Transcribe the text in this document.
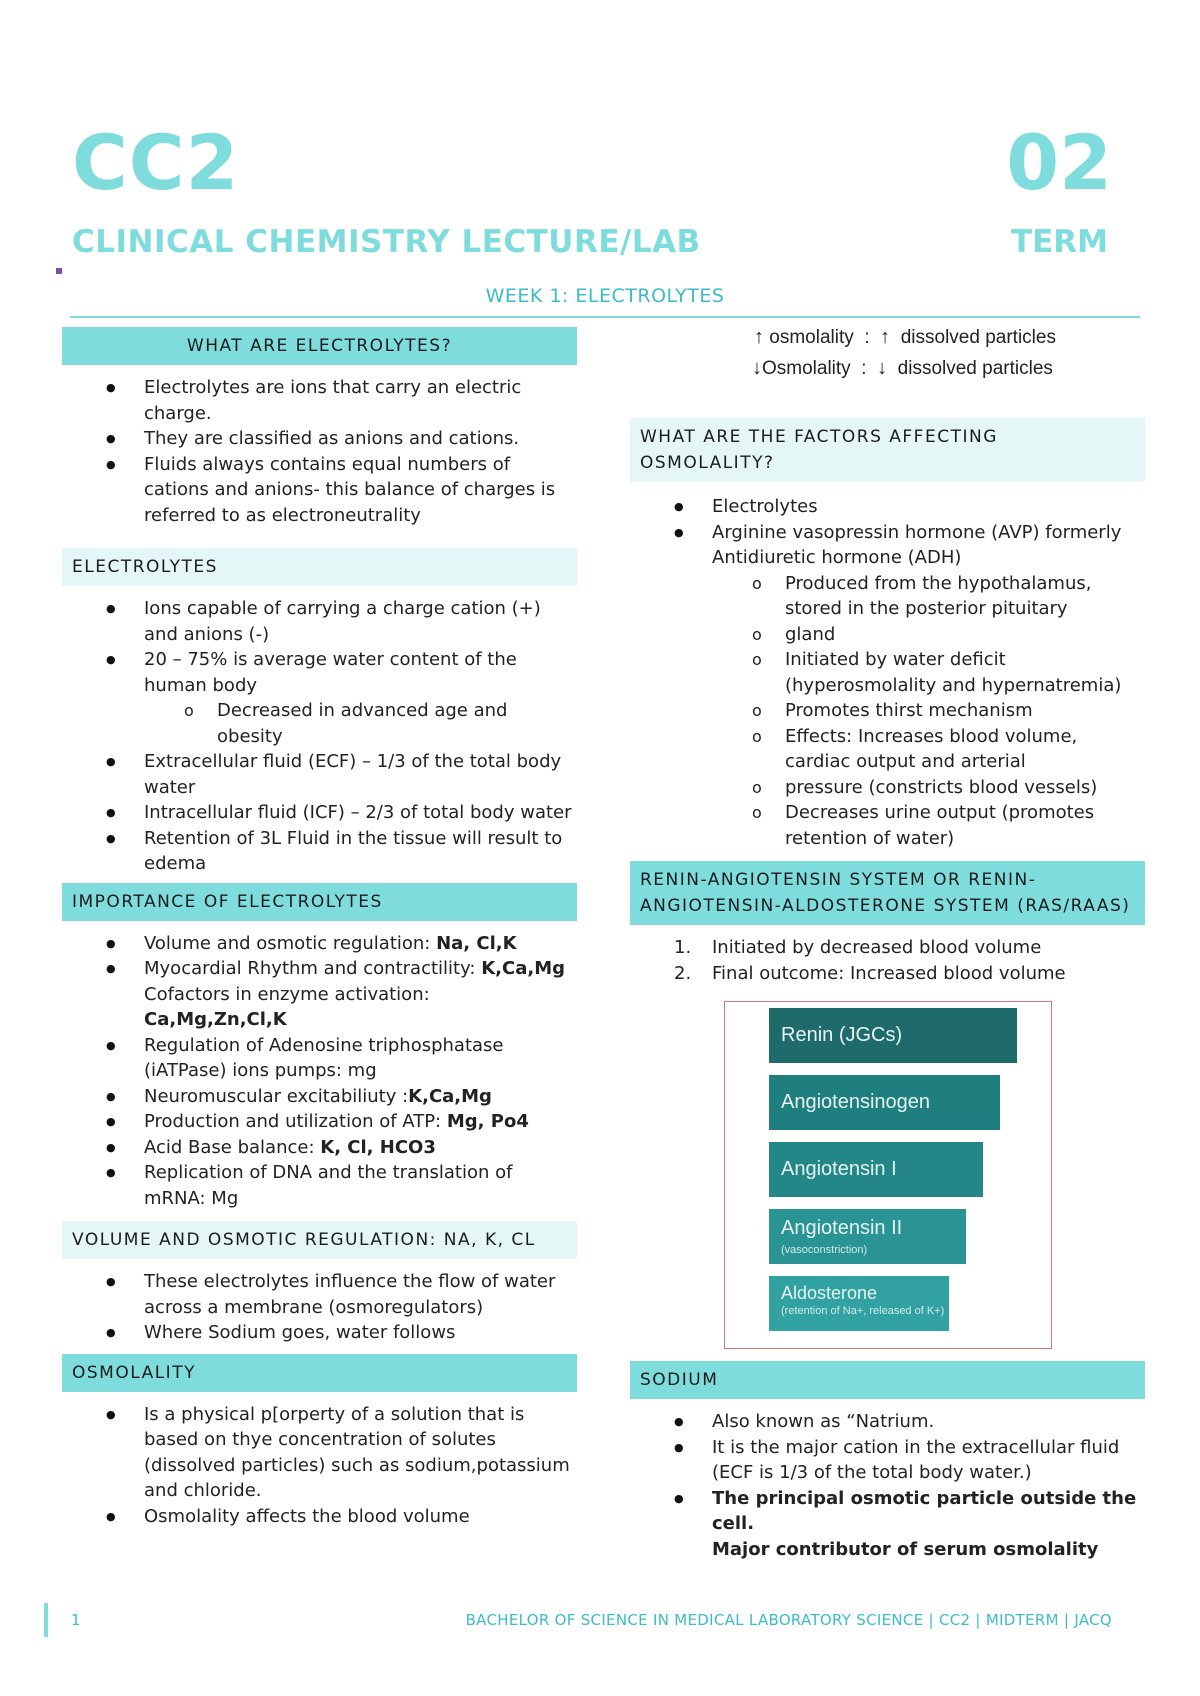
CC2	02
CLINICAL CHEMISTRY LECTURE/LAB	TERM
WEEK 1: ELECTROLYTES
WHAT ARE ELECTROLYTES?
● Electrolytes are ions that carry an electric
charge.
● They are classified as anions and cations.
● Fluids always contains equal numbers of
cations and anions- this balance of charges is
referred to as electroneutrality
ELECTROLYTES
● Ions capable of carrying a charge cation (+)
and anions (-)
● 20 – 75% is average water content of the
human body
o Decreased in advanced age and
obesity
● Extracellular fluid (ECF) – 1/3 of the total body
water
● Intracellular fluid (ICF) – 2/3 of total body water
● Retention of 3L Fluid in the tissue will result to
edema
IMPORTANCE OF ELECTROLYTES
● Volume and osmotic regulation: Na, Cl,K
● Myocardial Rhythm and contractility: K,Ca,Mg
Cofactors in enzyme activation: Ca,Mg,Zn,Cl,K
● Regulation of Adenosine triphosphatase
(iATPase) ions pumps: mg
● Neuromuscular excitabiliuty :K,Ca,Mg
● Production and utilization of ATP: Mg, Po4
● Acid Base balance: K, Cl, HCO3
● Replication of DNA and the translation of
mRNA: Mg
VOLUME AND OSMOTIC REGULATION: NA, K, CL
● These electrolytes influence the flow of water
across a membrane (osmoregulators)
● Where Sodium goes, water follows
OSMOLALITY
● Is a physical p[orperty of a solution that is
based on thye concentration of solutes
(dissolved particles) such as sodium,potassium
and chloride.
● Osmolality affects the blood volume
↑ osmolality  :  ↑ dissolved particles
↓Osmolality  :  ↓ dissolved particles
WHAT ARE THE FACTORS AFFECTING
OSMOLALITY?
● Electrolytes
● Arginine vasopressin hormone (AVP) formerly
Antidiuretic hormone (ADH)
o Produced from the hypothalamus,
stored in the posterior pituitary
o gland
o Initiated by water deficit
(hyperosmolality and hypernatremia)
o Promotes thirst mechanism
o Effects: Increases blood volume,
cardiac output and arterial
o pressure (constricts blood vessels)
o Decreases urine output (promotes
retention of water)
RENIN-ANGIOTENSIN SYSTEM OR RENIN-
ANGIOTENSIN-ALDOSTERONE SYSTEM (RAS/RAAS)
1. Initiated by decreased blood volume
2. Final outcome: Increased blood volume
Renin (JGCs)
Angiotensinogen
Angiotensin I
Angiotensin II
(vasoconstriction)
Aldosterone
(retention of Na+, released of K+)
SODIUM
● Also known as “Natrium.
● It is the major cation in the extracellular fluid
(ECF is 1/3 of the total body water.)
● The principal osmotic particle outside the cell.
Major contributor of serum osmolality
1	BACHELOR OF SCIENCE IN MEDICAL LABORATORY SCIENCE | CC2 | MIDTERM | JACQ
